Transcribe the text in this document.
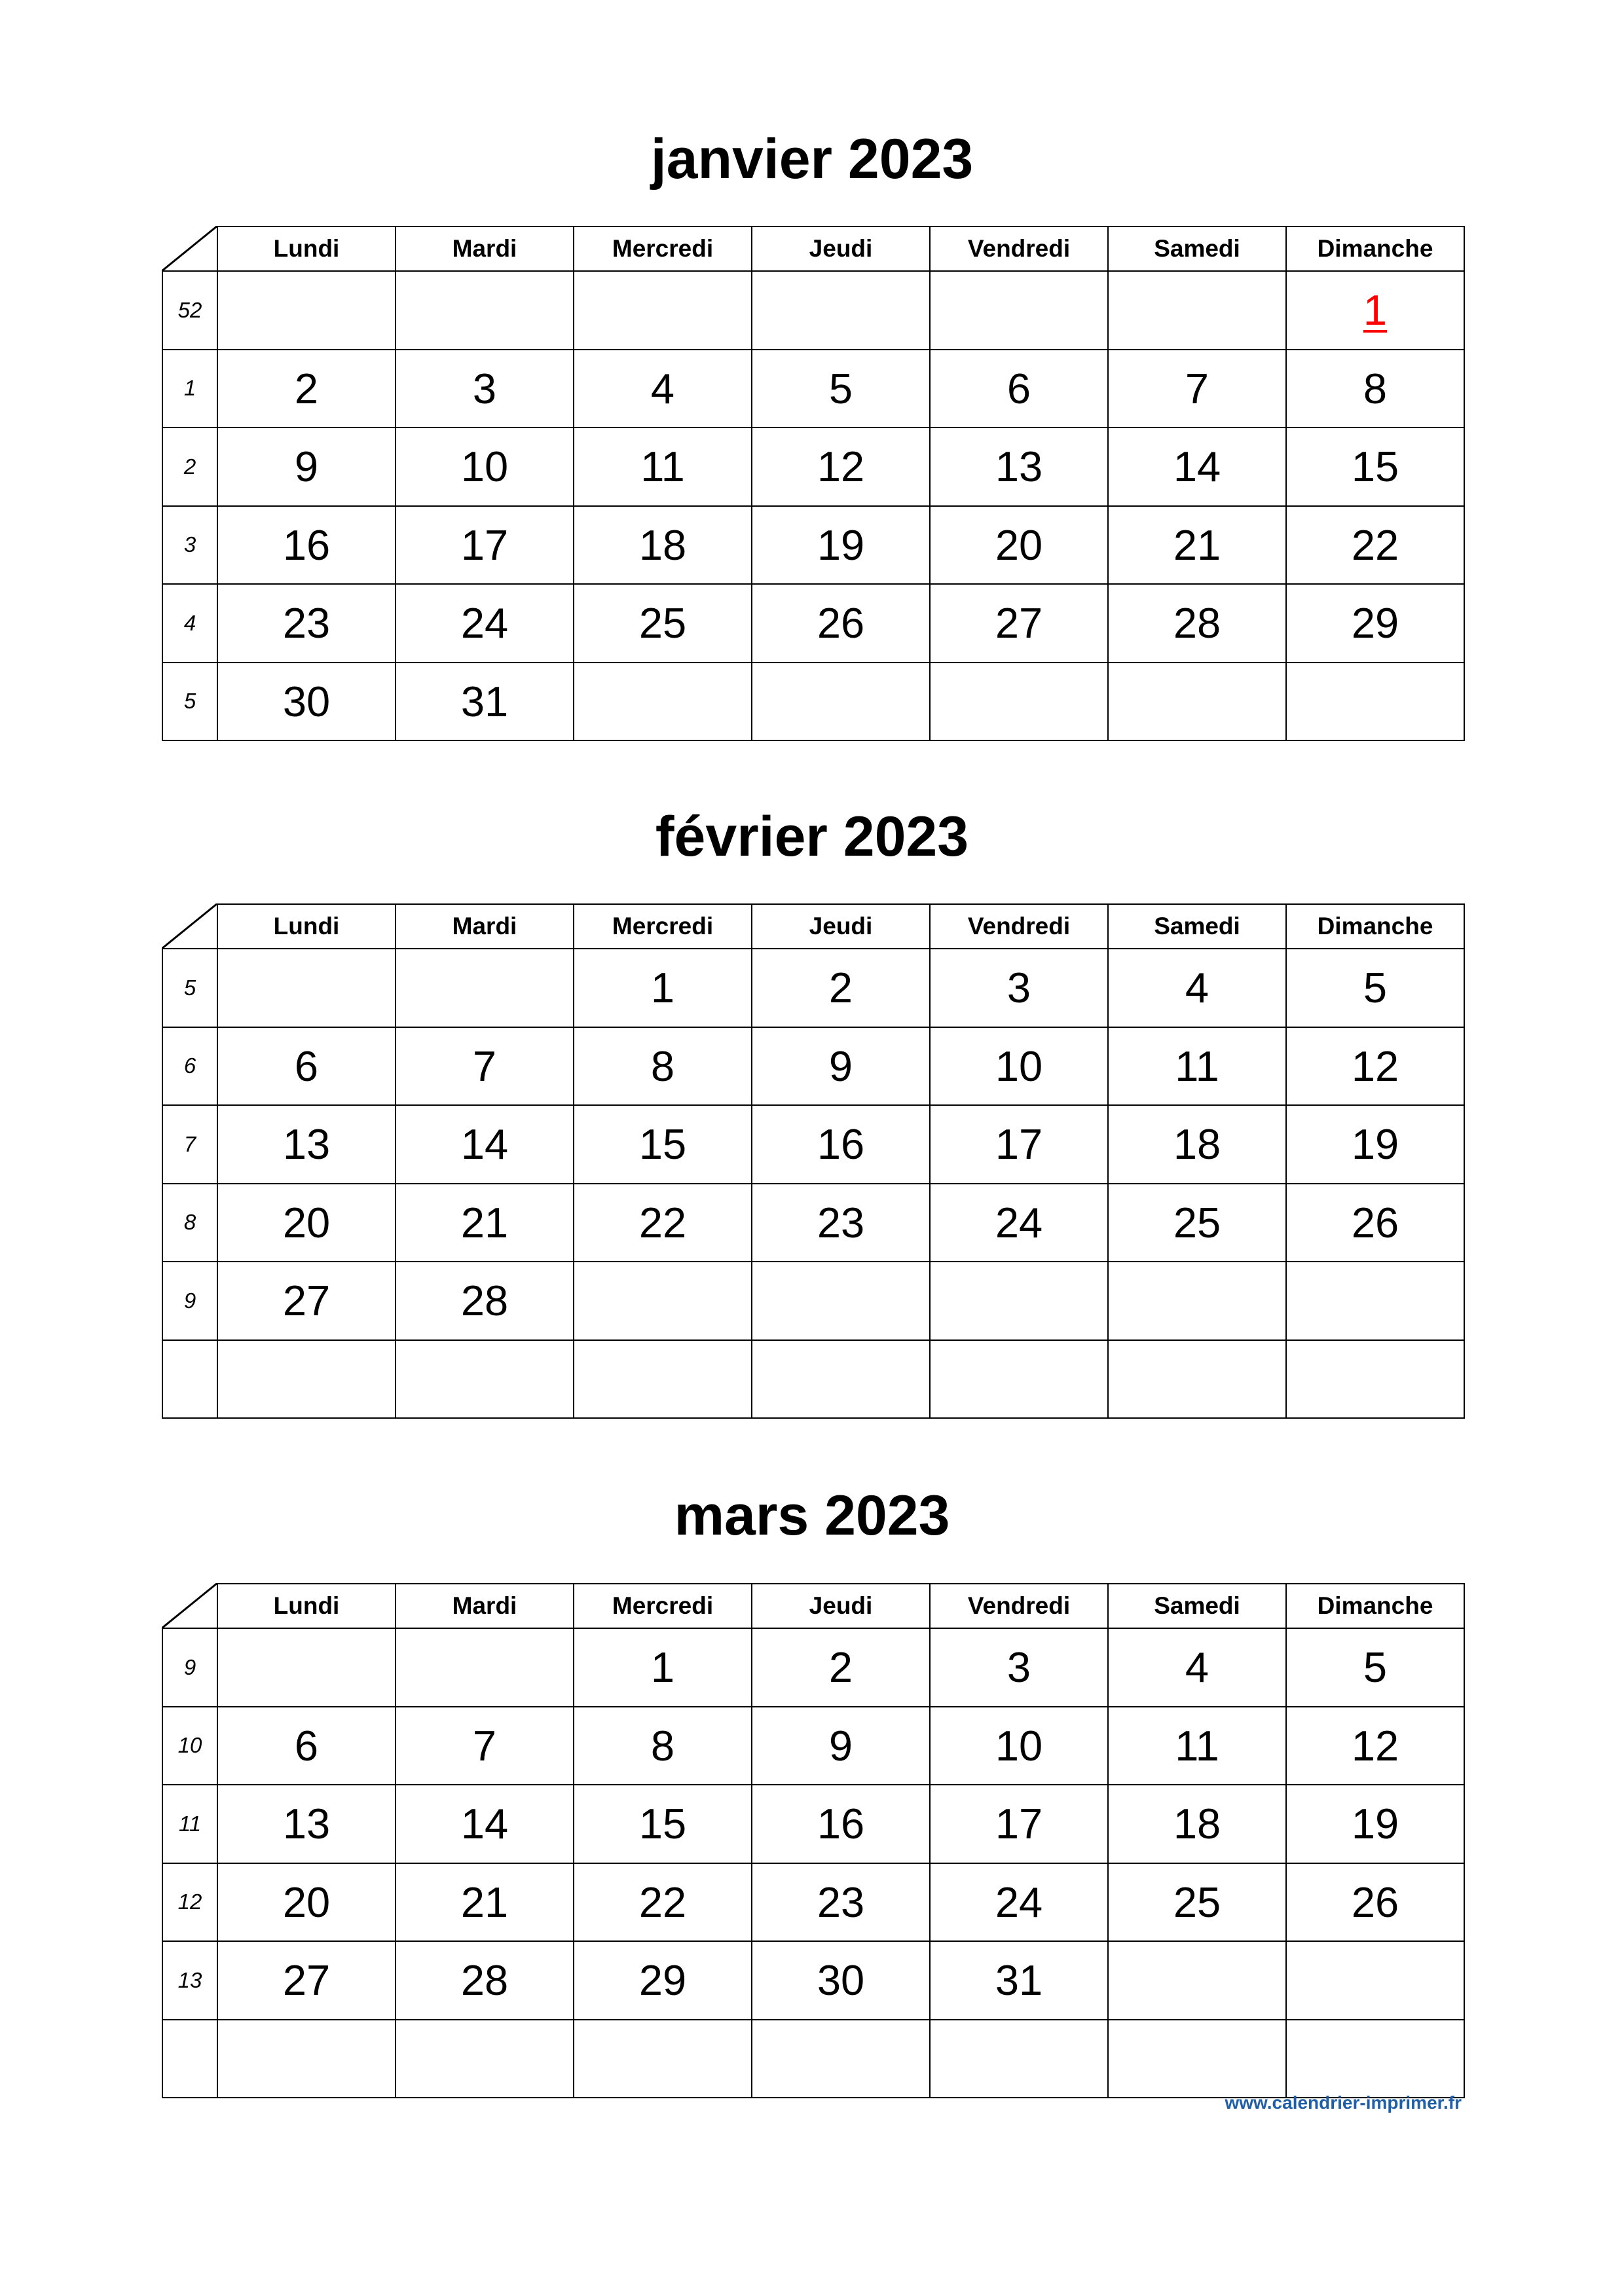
janvier 2023
	Lundi	Mardi	Mercredi	Jeudi	Vendredi	Samedi	Dimanche
52							1
1	2	3	4	5	6	7	8
2	9	10	11	12	13	14	15
3	16	17	18	19	20	21	22
4	23	24	25	26	27	28	29
5	30	31					
février 2023
	Lundi	Mardi	Mercredi	Jeudi	Vendredi	Samedi	Dimanche
5			1	2	3	4	5
6	6	7	8	9	10	11	12
7	13	14	15	16	17	18	19
8	20	21	22	23	24	25	26
9	27	28					

mars 2023
	Lundi	Mardi	Mercredi	Jeudi	Vendredi	Samedi	Dimanche
9			1	2	3	4	5
10	6	7	8	9	10	11	12
11	13	14	15	16	17	18	19
12	20	21	22	23	24	25	26
13	27	28	29	30	31		

www.calendrier-imprimer.fr
